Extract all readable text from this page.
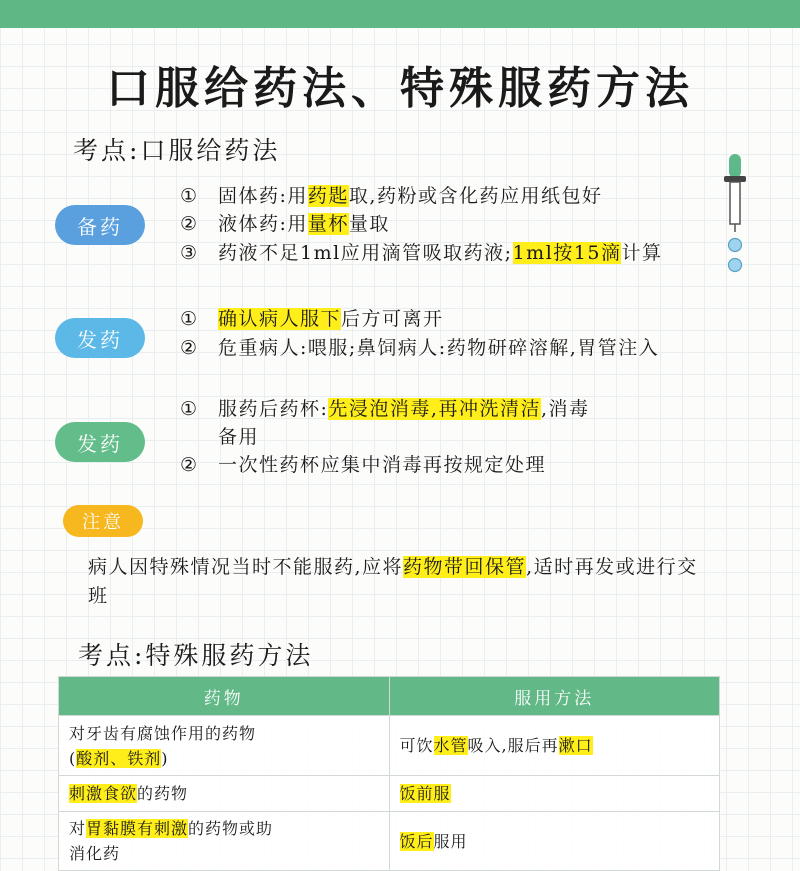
口服给药法、特殊服药方法
考点:口服给药法
备药
① 固体药:用药匙取,药粉或含化药应用纸包好
② 液体药:用量杯量取
③ 药液不足1ml应用滴管吸取药液;1ml按15滴计算
发药
① 确认病人服下后方可离开
② 危重病人:喂服;鼻饲病人:药物研碎溶解,胃管注入
发药
① 服药后药杯:先浸泡消毒,再冲洗清洁,消毒
备用
② 一次性药杯应集中消毒再按规定处理
注意
病人因特殊情况当时不能服药,应将药物带回保管,适时再发或进行交班
考点:特殊服药方法
药物	服用方法
对牙齿有腐蚀作用的药物
(酸剂、铁剂)	可饮水管吸入,服后再漱口
刺激食欲的药物	饭前服
对胃黏膜有刺激的药物或助
消化药	饭后服用
